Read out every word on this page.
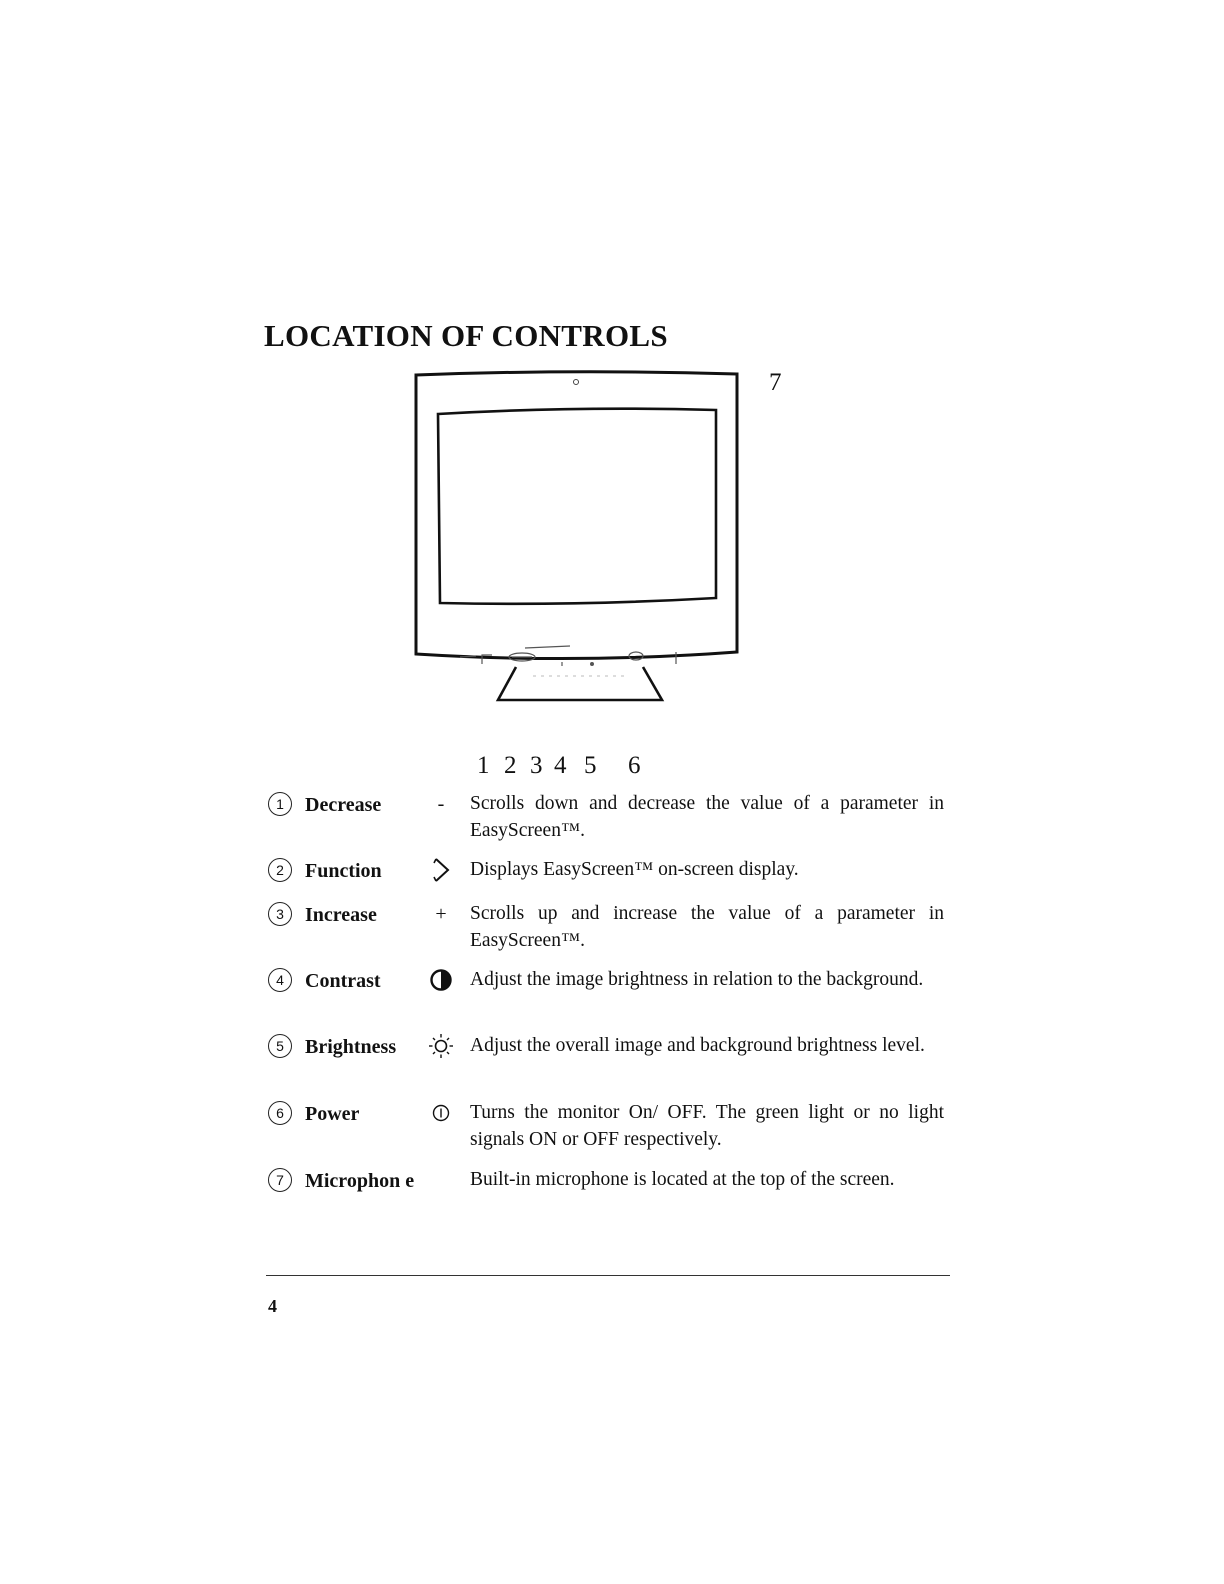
LOCATION OF CONTROLS
7
1 2 3 4 5 6
1	Decrease	-	Scrolls down and decrease the value of a parameter in EasyScreen™.
2	Function	Displays EasyScreen™ on-screen display.
3	Increase	+	Scrolls up and increase the value of a parameter in EasyScreen™.
4	Contrast	Adjust the image brightness in relation to the background.
5	Brightness	Adjust the overall image and background brightness level.
6	Power	Turns the monitor On/ OFF. The green light or no light signals ON or OFF respectively.
7	Microphon e	Built-in microphone is located at the top of the screen.
4
